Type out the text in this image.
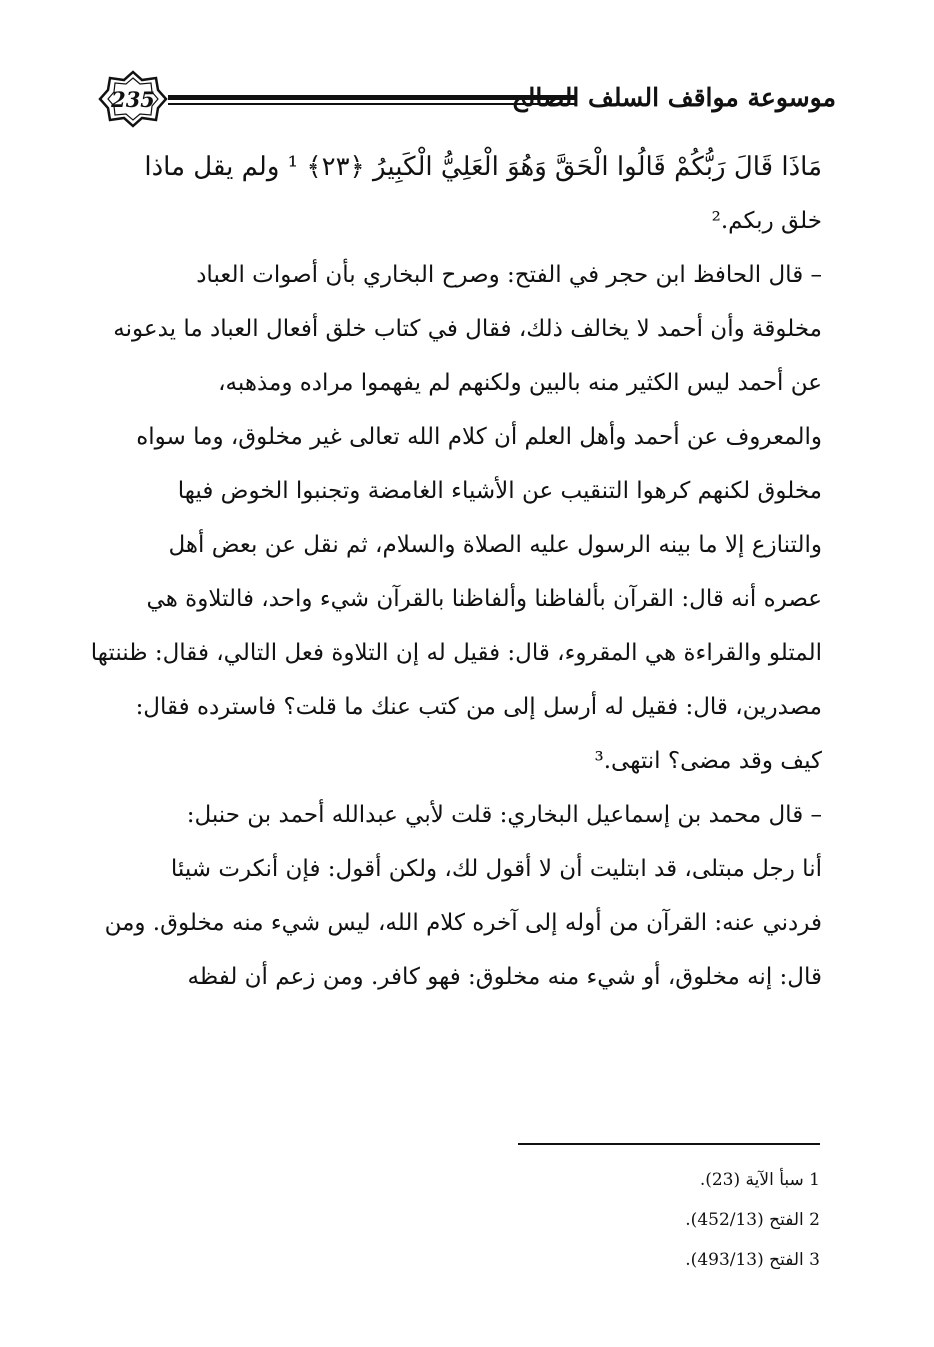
235	موسوعة مواقف السلف الصالح
مَاذَا قَالَ رَبُّكُمْ قَالُوا الْحَقَّ وَهُوَ الْعَلِيُّ الْكَبِيرُ ﴿٢٣﴾ ¹ ولم يقل ماذا
خلق ربكم.²
– قال الحافظ ابن حجر في الفتح: وصرح البخاري بأن أصوات العباد
مخلوقة وأن أحمد لا يخالف ذلك، فقال في كتاب خلق أفعال العباد ما يدعونه
عن أحمد ليس الكثير منه بالبين ولكنهم لم يفهموا مراده ومذهبه،
والمعروف عن أحمد وأهل العلم أن كلام الله تعالى غير مخلوق، وما سواه
مخلوق لكنهم كرهوا التنقيب عن الأشياء الغامضة وتجنبوا الخوض فيها
والتنازع إلا ما بينه الرسول عليه الصلاة والسلام، ثم نقل عن بعض أهل
عصره أنه قال: القرآن بألفاظنا وألفاظنا بالقرآن شيء واحد، فالتلاوة هي
المتلو والقراءة هي المقروء، قال: فقيل له إن التلاوة فعل التالي، فقال: ظننتها
مصدرين، قال: فقيل له أرسل إلى من كتب عنك ما قلت؟ فاسترده فقال:
كيف وقد مضى؟ انتهى.³
– قال محمد بن إسماعيل البخاري: قلت لأبي عبدالله أحمد بن حنبل:
أنا رجل مبتلى، قد ابتليت أن لا أقول لك، ولكن أقول: فإن أنكرت شيئا
فردني عنه: القرآن من أوله إلى آخره كلام الله، ليس شيء منه مخلوق. ومن
قال: إنه مخلوق، أو شيء منه مخلوق: فهو كافر. ومن زعم أن لفظه
1 سبأ الآية (23).
2 الفتح (452/13).
3 الفتح (493/13).
